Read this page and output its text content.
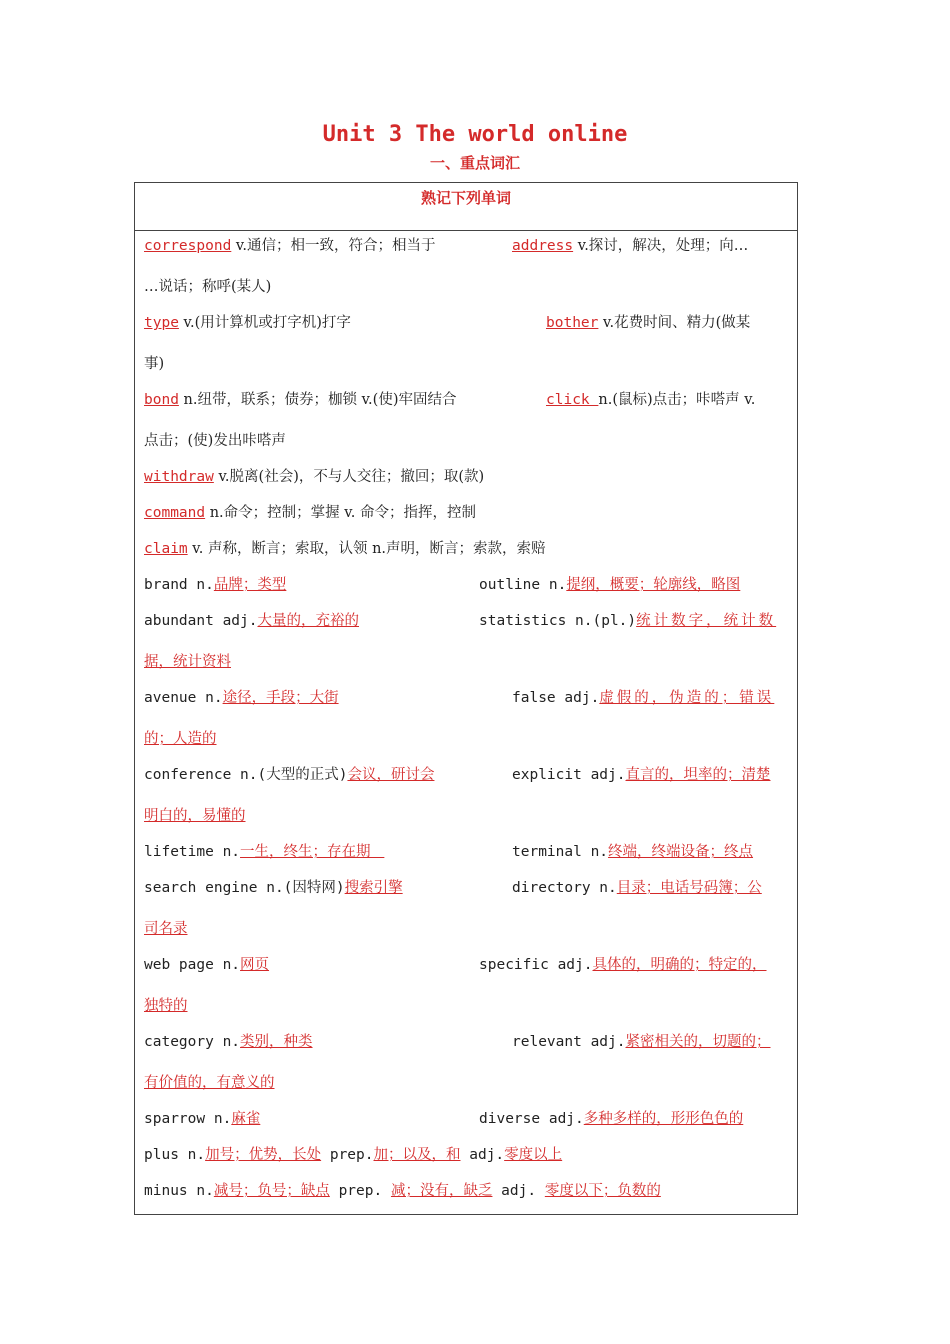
Unit 3 The world online
一、重点词汇
熟记下列单词
correspond v.通信；相一致，符合；相当于	address v.探讨，解决，处理；向…
…说话；称呼(某人)
type v.(用计算机或打字机)打字	bother v.花费时间、精力(做某
事)
bond n.纽带，联系；债券；枷锁 v.(使)牢固结合	click n.(鼠标)点击；咔嗒声 v.
点击；(使)发出咔嗒声
withdraw v.脱离(社会)，不与人交往；撤回；取(款)
command n.命令；控制；掌握 v. 命令；指挥，控制
claim v. 声称，断言；索取，认领 n.声明，断言；索款，索赔
brand n.品牌；类型	outline n.提纲，概要；轮廓线，略图
abundant adj.大量的，充裕的	statistics n.(pl.)统计数字，统计数
据，统计资料
avenue n.途径，手段；大街	false adj.虚假的，伪造的；错误
的；人造的
conference n.(大型的正式)会议，研讨会	explicit adj.直言的，坦率的；清楚
明白的，易懂的
lifetime n.一生，终生；存在期	terminal n.终端，终端设备；终点
search engine n.(因特网)搜索引擎	directory n.目录；电话号码簿；公
司名录
web page n.网页	specific adj.具体的，明确的；特定的，
独特的
category n.类别，种类	relevant adj.紧密相关的，切题的；
有价值的，有意义的
sparrow n.麻雀	diverse adj.多种多样的，形形色色的
plus n.加号；优势，长处 prep.加；以及，和 adj.零度以上
minus n.减号；负号；缺点 prep. 减；没有，缺乏 adj. 零度以下；负数的
